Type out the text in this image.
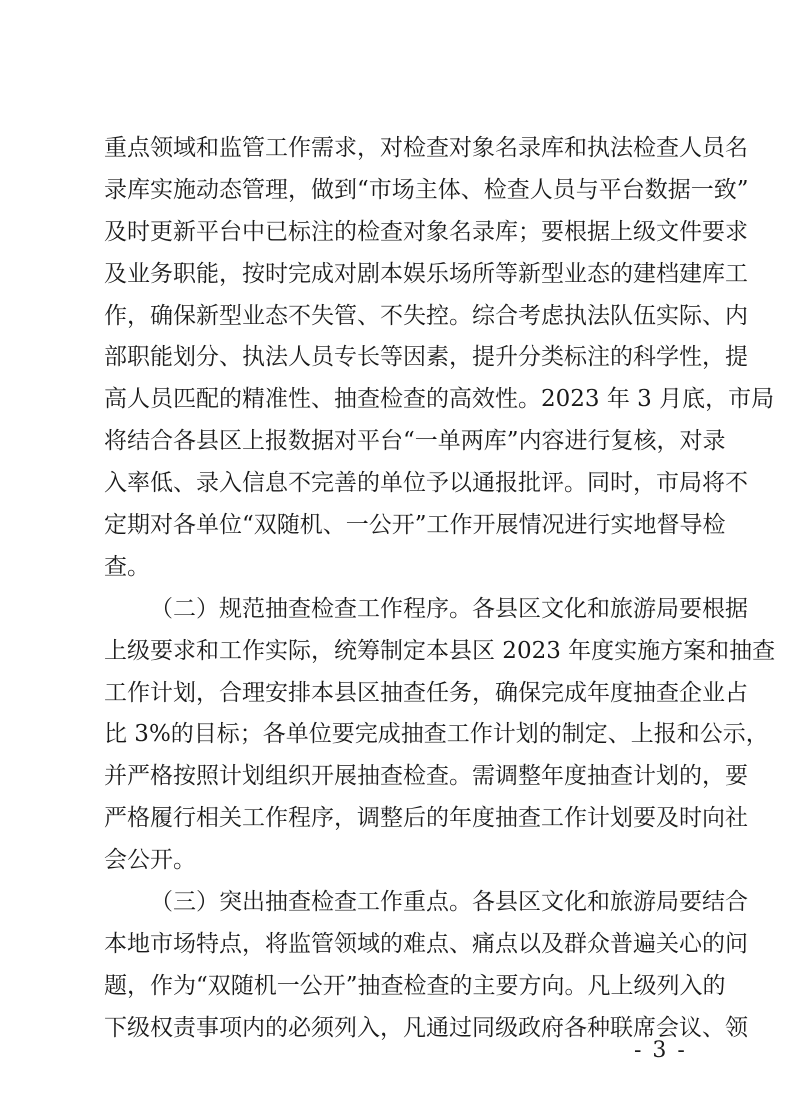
重点领域和监管工作需求，对检查对象名录库和执法检查人员名
录库实施动态管理，做到“市场主体、检查人员与平台数据一致”
及时更新平台中已标注的检查对象名录库；要根据上级文件要求
及业务职能，按时完成对剧本娱乐场所等新型业态的建档建库工
作，确保新型业态不失管、不失控。综合考虑执法队伍实际、内
部职能划分、执法人员专长等因素，提升分类标注的科学性，提
高人员匹配的精准性、抽查检查的高效性。2023 年 3 月底，市局
将结合各县区上报数据对平台“一单两库”内容进行复核，对录
入率低、录入信息不完善的单位予以通报批评。同时，市局将不
定期对各单位“双随机、一公开”工作开展情况进行实地督导检
查。
（二）规范抽查检查工作程序。各县区文化和旅游局要根据
上级要求和工作实际，统筹制定本县区 2023 年度实施方案和抽查
工作计划，合理安排本县区抽查任务，确保完成年度抽查企业占
比 3%的目标；各单位要完成抽查工作计划的制定、上报和公示，
并严格按照计划组织开展抽查检查。需调整年度抽查计划的，要
严格履行相关工作程序，调整后的年度抽查工作计划要及时向社
会公开。
（三）突出抽查检查工作重点。各县区文化和旅游局要结合
本地市场特点，将监管领域的难点、痛点以及群众普遍关心的问
题，作为“双随机一公开”抽查检查的主要方向。凡上级列入的
下级权责事项内的必须列入，凡通过同级政府各种联席会议、领
- 3 -
